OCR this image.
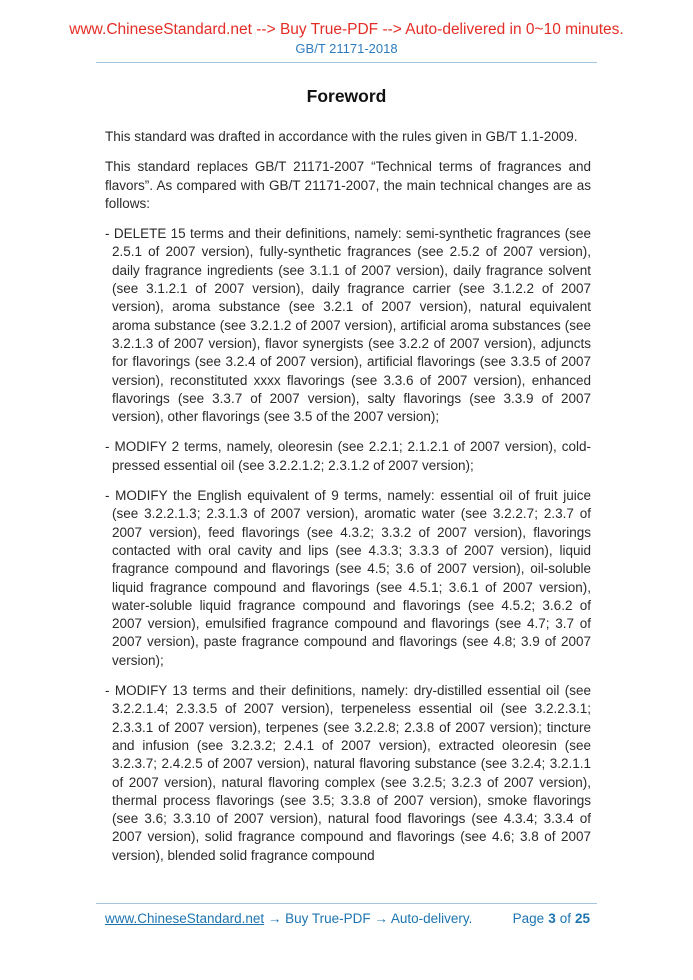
www.ChineseStandard.net --> Buy True-PDF --> Auto-delivered in 0~10 minutes.
GB/T 21171-2018
Foreword

This standard was drafted in accordance with the rules given in GB/T 1.1-2009.

This standard replaces GB/T 21171-2007 “Technical terms of fragrances and flavors”. As compared with GB/T 21171-2007, the main technical changes are as follows:

- DELETE 15 terms and their definitions, namely: semi-synthetic fragrances (see 2.5.1 of 2007 version), fully-synthetic fragrances (see 2.5.2 of 2007 version), daily fragrance ingredients (see 3.1.1 of 2007 version), daily fragrance solvent (see 3.1.2.1 of 2007 version), daily fragrance carrier (see 3.1.2.2 of 2007 version), aroma substance (see 3.2.1 of 2007 version), natural equivalent aroma substance (see 3.2.1.2 of 2007 version), artificial aroma substances (see 3.2.1.3 of 2007 version), flavor synergists (see 3.2.2 of 2007 version), adjuncts for flavorings (see 3.2.4 of 2007 version), artificial flavorings (see 3.3.5 of 2007 version), reconstituted xxxx flavorings (see 3.3.6 of 2007 version), enhanced flavorings (see 3.3.7 of 2007 version), salty flavorings (see 3.3.9 of 2007 version), other flavorings (see 3.5 of the 2007 version);

- MODIFY 2 terms, namely, oleoresin (see 2.2.1; 2.1.2.1 of 2007 version), cold-pressed essential oil (see 3.2.2.1.2; 2.3.1.2 of 2007 version);

- MODIFY the English equivalent of 9 terms, namely: essential oil of fruit juice (see 3.2.2.1.3; 2.3.1.3 of 2007 version), aromatic water (see 3.2.2.7; 2.3.7 of 2007 version), feed flavorings (see 4.3.2; 3.3.2 of 2007 version), flavorings contacted with oral cavity and lips (see 4.3.3; 3.3.3 of 2007 version), liquid fragrance compound and flavorings (see 4.5; 3.6 of 2007 version), oil-soluble liquid fragrance compound and flavorings (see 4.5.1; 3.6.1 of 2007 version), water-soluble liquid fragrance compound and flavorings (see 4.5.2; 3.6.2 of 2007 version), emulsified fragrance compound and flavorings (see 4.7; 3.7 of 2007 version), paste fragrance compound and flavorings (see 4.8; 3.9 of 2007 version);

- MODIFY 13 terms and their definitions, namely: dry-distilled essential oil (see 3.2.2.1.4; 2.3.3.5 of 2007 version), terpeneless essential oil (see 3.2.2.3.1; 2.3.3.1 of 2007 version), terpenes (see 3.2.2.8; 2.3.8 of 2007 version); tincture and infusion (see 3.2.3.2; 2.4.1 of 2007 version), extracted oleoresin (see 3.2.3.7; 2.4.2.5 of 2007 version), natural flavoring substance (see 3.2.4; 3.2.1.1 of 2007 version), natural flavoring complex (see 3.2.5; 3.2.3 of 2007 version), thermal process flavorings (see 3.5; 3.3.8 of 2007 version), smoke flavorings (see 3.6; 3.3.10 of 2007 version), natural food flavorings (see 4.3.4; 3.3.4 of 2007 version), solid fragrance compound and flavorings (see 4.6; 3.8 of 2007 version), blended solid fragrance compound

www.ChineseStandard.net → Buy True-PDF → Auto-delivery.	Page 3 of 25
